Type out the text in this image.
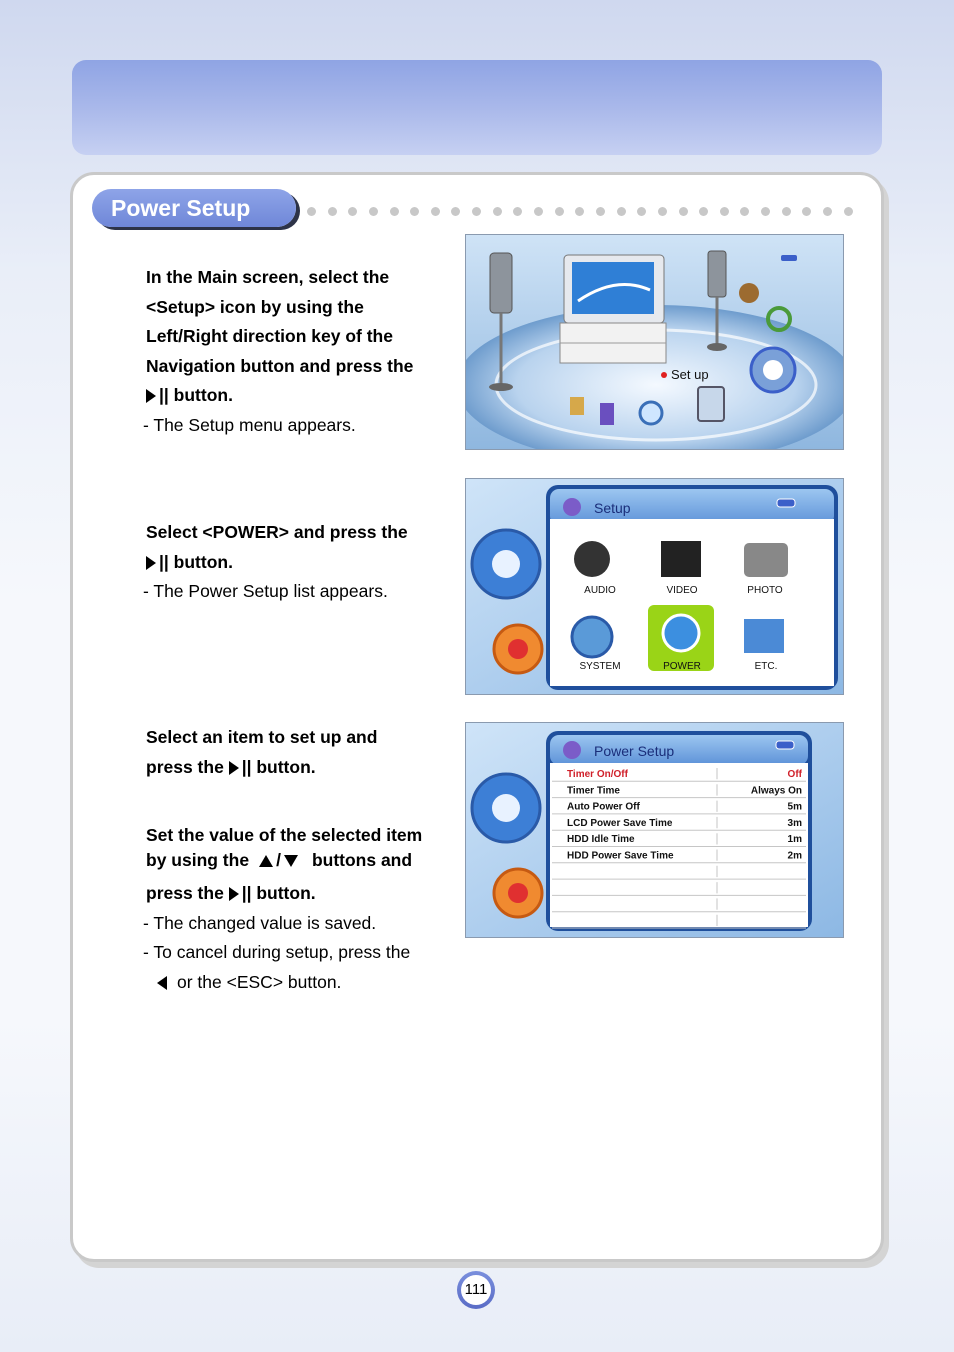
Power Setup
In the Main screen, select the
<Setup> icon by using the
Left/Right direction key of the
Navigation button and press the
|| button.
- The Setup menu appears.
Select <POWER> and press the
|| button.
- The Power Setup list appears.
Select an item to set up and
press the || button.
Set the value of the selected item
by using the / buttons and
press the || button.
- The changed value is saved.
- To cancel during setup, press the
or the <ESC> button.
Set up
Setup
AUDIO	VIDEO	PHOTO
SYSTEM	POWER	ETC.
Power Setup
Timer On/Off	Off
Timer Time	Always On
Auto Power Off	5m
LCD Power Save Time	3m
HDD Idle Time	1m
HDD Power Save Time	2m
111
